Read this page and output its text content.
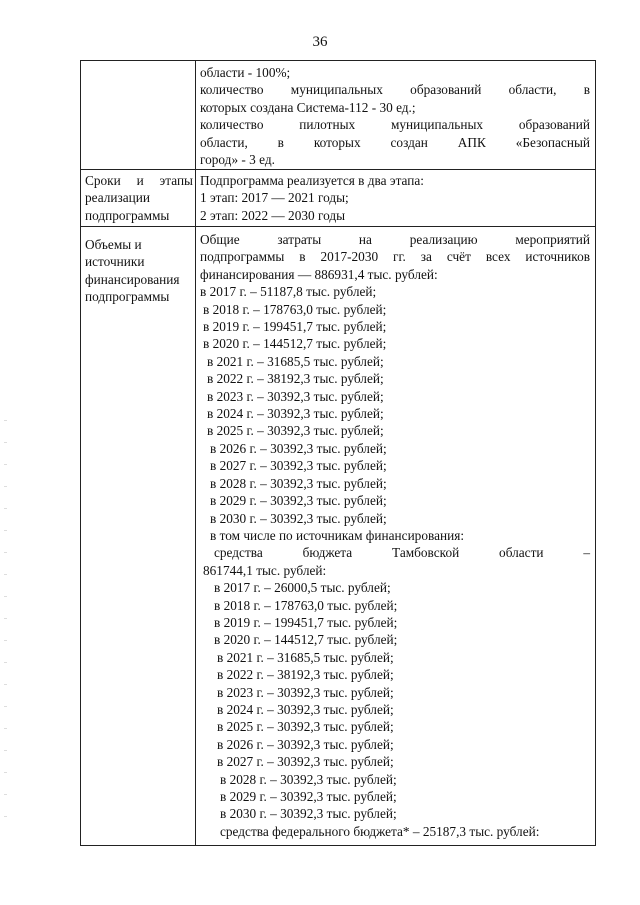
36
области - 100%;
количество муниципальных образований области, в
которых создана Система-112 - 30 ед.;
количество пилотных муниципальных образований
области, в которых создан АПК «Безопасный
город» - 3 ед.
Сроки и этапы
реализации
подпрограммы
Подпрограмма реализуется в два этапа:
1 этап: 2017 — 2021 годы;
2 этап: 2022 — 2030 годы
Объемы и
источники
финансирования
подпрограммы
Общие затраты на реализацию мероприятий
подпрограммы в 2017-2030 гг. за счёт всех источников
финансирования — 886931,4 тыс. рублей:
в 2017 г. – 51187,8 тыс. рублей;
в 2018 г. – 178763,0 тыс. рублей;
в 2019 г. – 199451,7 тыс. рублей;
в 2020 г. – 144512,7 тыс. рублей;
в 2021 г. – 31685,5 тыс. рублей;
в 2022 г. – 38192,3 тыс. рублей;
в 2023 г. – 30392,3 тыс. рублей;
в 2024 г. – 30392,3 тыс. рублей;
в 2025 г. – 30392,3 тыс. рублей;
в 2026 г. – 30392,3 тыс. рублей;
в 2027 г. – 30392,3 тыс. рублей;
в 2028 г. – 30392,3 тыс. рублей;
в 2029 г. – 30392,3 тыс. рублей;
в 2030 г. – 30392,3 тыс. рублей;
в том числе по источникам финансирования:
средства бюджета Тамбовской области –
861744,1 тыс. рублей:
в 2017 г. – 26000,5 тыс. рублей;
в 2018 г. – 178763,0 тыс. рублей;
в 2019 г. – 199451,7 тыс. рублей;
в 2020 г. – 144512,7 тыс. рублей;
в 2021 г. – 31685,5 тыс. рублей;
в 2022 г. – 38192,3 тыс. рублей;
в 2023 г. – 30392,3 тыс. рублей;
в 2024 г. – 30392,3 тыс. рублей;
в 2025 г. – 30392,3 тыс. рублей;
в 2026 г. – 30392,3 тыс. рублей;
в 2027 г. – 30392,3 тыс. рублей;
в 2028 г. – 30392,3 тыс. рублей;
в 2029 г. – 30392,3 тыс. рублей;
в 2030 г. – 30392,3 тыс. рублей;
средства федерального бюджета* – 25187,3 тыс. рублей:
